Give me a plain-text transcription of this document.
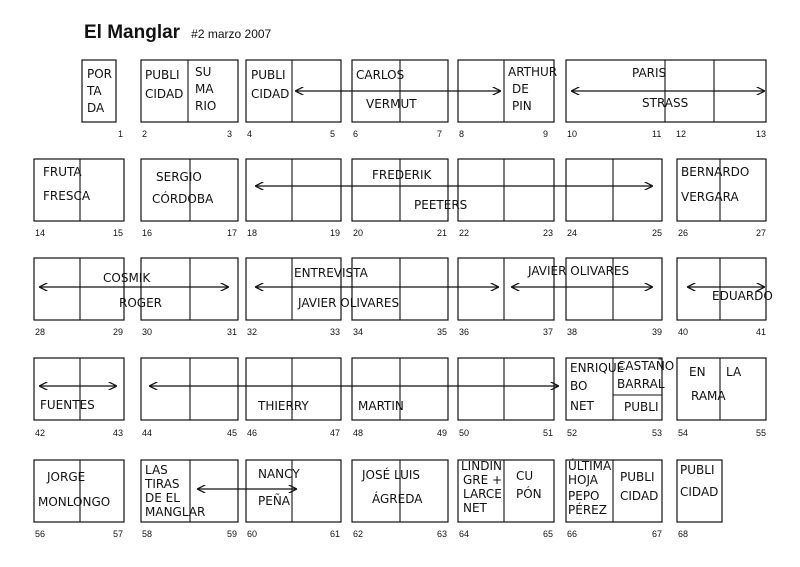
El Manglar #2 marzo 2007
POR
TA
DA
PUBLI
CIDAD
SU
MA
RIO
PUBLI
CIDAD
CARLOS
VERMUT
ARTHUR
DE
PIN
PARIS
STRASS
FRUTA
FRESCA
SERGIO
CÓRDOBA
FREDERIK
PEETERS
BERNARDO
VERGARA
COSMIK
ROGER
ENTREVISTA
JAVIER OLIVARES
JAVIER OLIVARES
EDUARDO
FUENTES	THIERRY	MARTIN
ENRIQUE
BO
NET
CASTAÑO
BARRAL
PUBLI
EN LA
RAMA
JORGE
MONLONGO
LAS
TIRAS
DE EL
MANGLAR
NANCY
PEÑA
JOSÉ LUIS
ÁGREDA
LINDIN
GRE +
LARCE
NET
CU
PÓN
ÚLTIMA
HOJA
PEPO
PÉREZ
PUBLI
CIDAD
PUBLI
CIDAD
1 2	3 4	5 6	7 8	9 10	11 12	13
14	15 16	17 18	19 20	21 22	23 24	25 26	27
28	29 30	31 32	33 34	35 36	37 38	39 40	41
42	43 44	45 46	47 48	49 50	51 52	53 54	55
56	57 58	59 60	61 62	63 64	65 66	67 68
